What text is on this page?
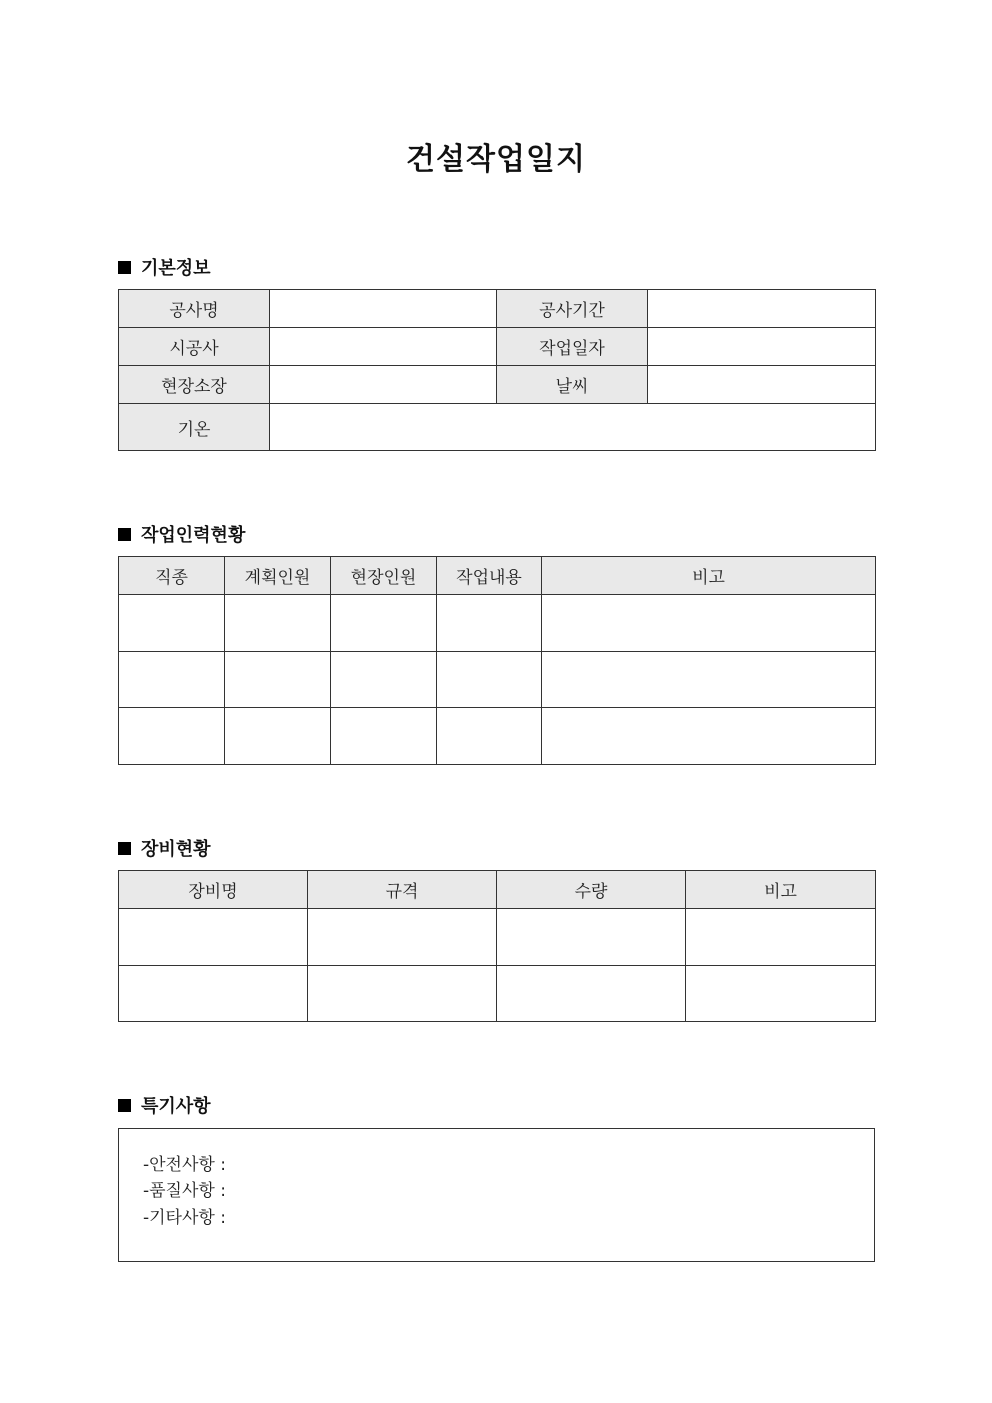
건설작업일지
기본정보
공사명		공사기간	
시공사		작업일자	
현장소장		날씨	
기온			
작업인력현황
직종	계획인원	현장인원	작업내용	비고

장비현황
장비명	규격	수량	비고

특기사항
-안전사항 :
-품질사항 :
-기타사항 :
